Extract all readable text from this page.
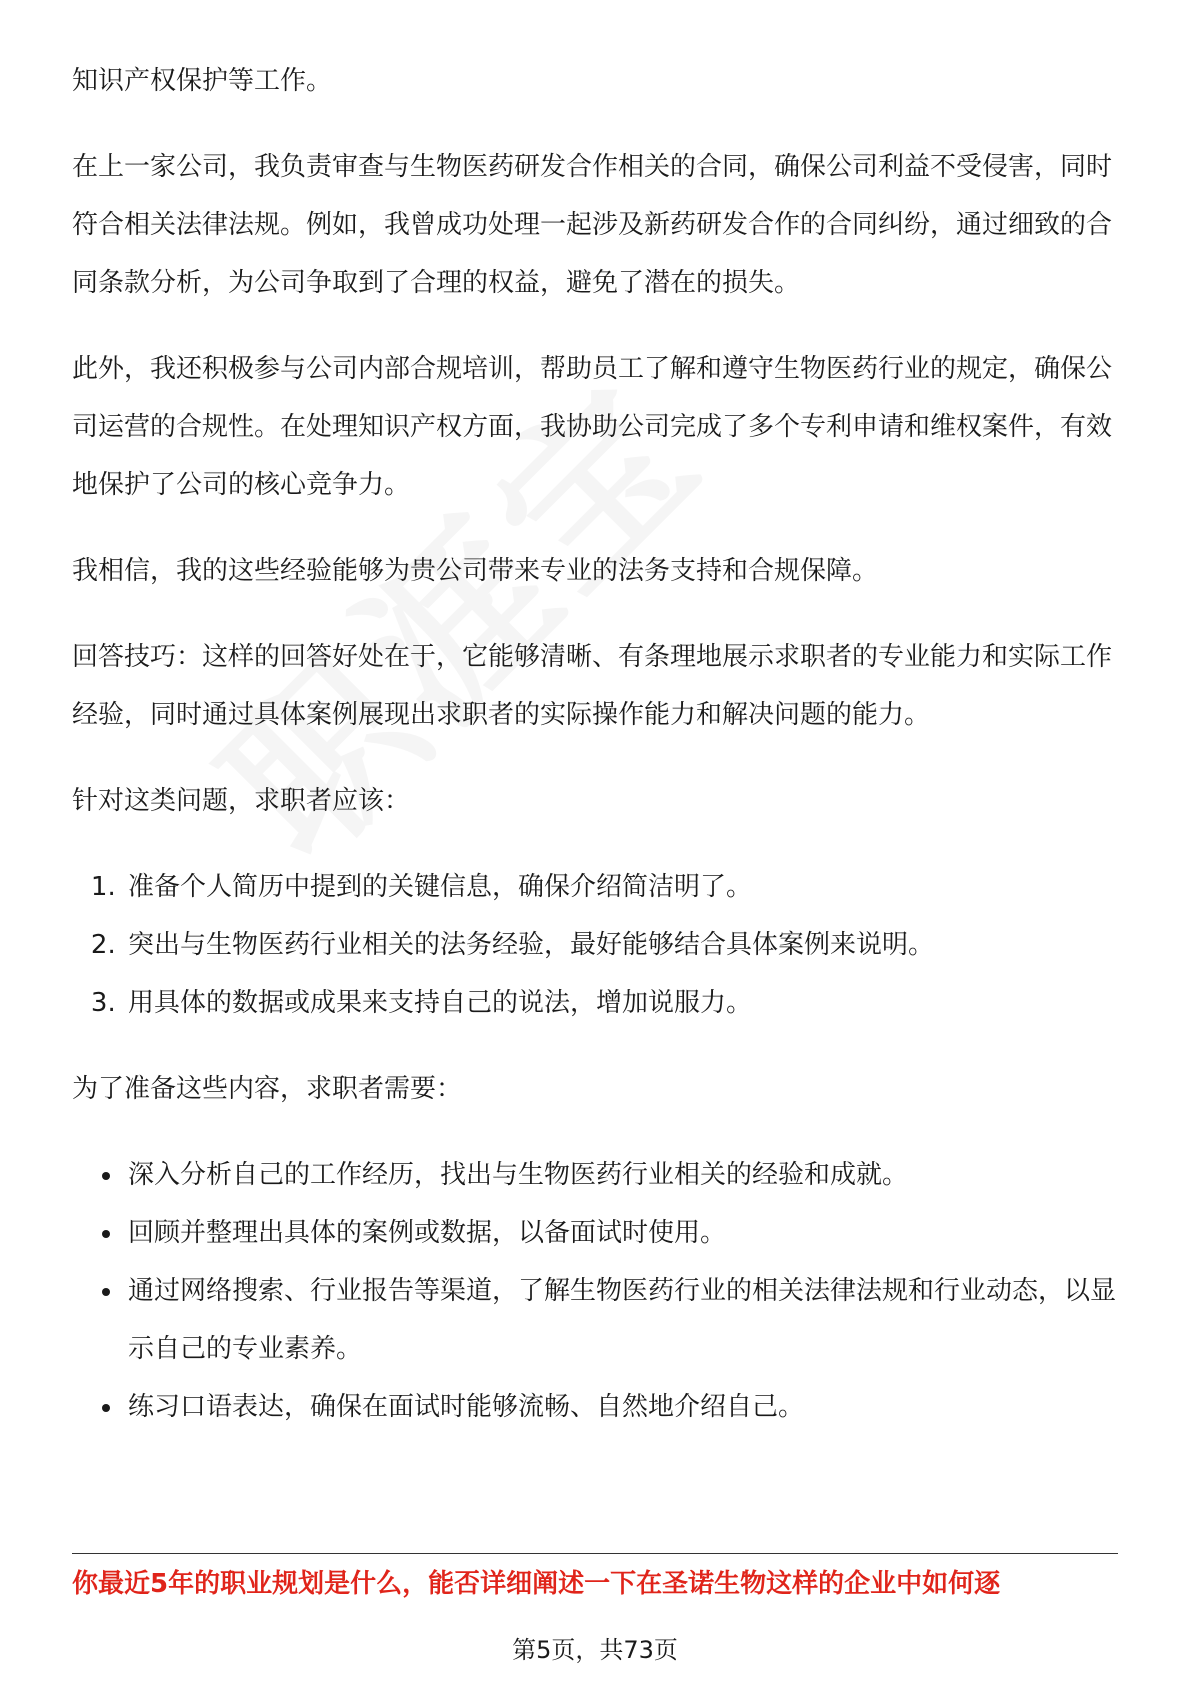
知识产权保护等工作。

在上一家公司，我负责审查与生物医药研发合作相关的合同，确保公司利益不受侵害，同时符合相关法律法规。例如，我曾成功处理一起涉及新药研发合作的合同纠纷，通过细致的合同条款分析，为公司争取到了合理的权益，避免了潜在的损失。

此外，我还积极参与公司内部合规培训，帮助员工了解和遵守生物医药行业的规定，确保公司运营的合规性。在处理知识产权方面，我协助公司完成了多个专利申请和维权案件，有效地保护了公司的核心竞争力。

我相信，我的这些经验能够为贵公司带来专业的法务支持和合规保障。

回答技巧：这样的回答好处在于，它能够清晰、有条理地展示求职者的专业能力和实际工作经验，同时通过具体案例展现出求职者的实际操作能力和解决问题的能力。

针对这类问题，求职者应该：

1. 准备个人简历中提到的关键信息，确保介绍简洁明了。
2. 突出与生物医药行业相关的法务经验，最好能够结合具体案例来说明。
3. 用具体的数据或成果来支持自己的说法，增加说服力。

为了准备这些内容，求职者需要：

• 深入分析自己的工作经历，找出与生物医药行业相关的经验和成就。
• 回顾并整理出具体的案例或数据，以备面试时使用。
• 通过网络搜索、行业报告等渠道，了解生物医药行业的相关法律法规和行业动态，以显示自己的专业素养。
• 练习口语表达，确保在面试时能够流畅、自然地介绍自己。
你最近5年的职业规划是什么，能否详细阐述一下在圣诺生物这样的企业中如何逐
第5页，共73页
